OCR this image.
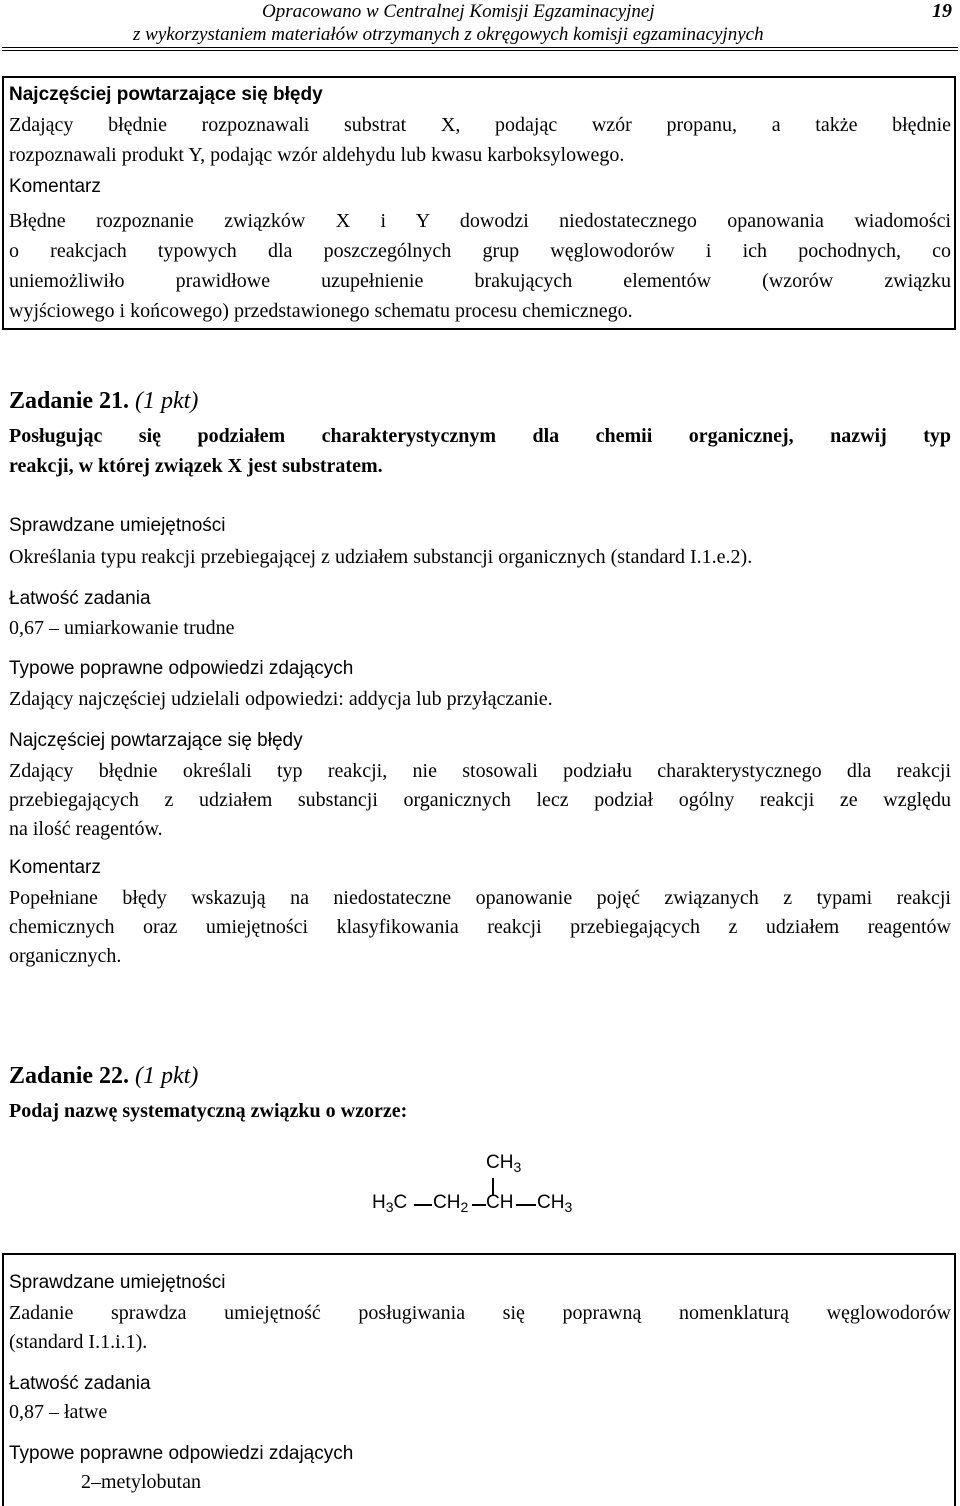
Opracowano w Centralnej Komisji Egzaminacyjnej
z wykorzystaniem materiałów otrzymanych z okręgowych komisji egzaminacyjnych
19
Najczęściej powtarzające się błędy
Zdający błędnie rozpoznawali substrat X, podając wzór propanu, a także błędnie
rozpoznawali produkt Y, podając wzór aldehydu lub kwasu karboksylowego.
Komentarz
Błędne rozpoznanie związków X i Y dowodzi niedostatecznego opanowania wiadomości
o reakcjach typowych dla poszczególnych grup węglowodorów i ich pochodnych, co
uniemożliwiło prawidłowe uzupełnienie brakujących elementów (wzorów związku
wyjściowego i końcowego) przedstawionego schematu procesu chemicznego.
Zadanie 21. (1 pkt)
Posługując się podziałem charakterystycznym dla chemii organicznej, nazwij typ
reakcji, w której związek X jest substratem.
Sprawdzane umiejętności
Określania typu reakcji przebiegającej z udziałem substancji organicznych (standard I.1.e.2).
Łatwość zadania
0,67 – umiarkowanie trudne
Typowe poprawne odpowiedzi zdających
Zdający najczęściej udzielali odpowiedzi: addycja lub przyłączanie.
Najczęściej powtarzające się błędy
Zdający błędnie określali typ reakcji, nie stosowali podziału charakterystycznego dla reakcji
przebiegających z udziałem substancji organicznych lecz podział ogólny reakcji ze względu
na ilość reagentów.
Komentarz
Popełniane błędy wskazują na niedostateczne opanowanie pojęć związanych z typami reakcji
chemicznych oraz umiejętności klasyfikowania reakcji przebiegających z udziałem reagentów
organicznych.
Zadanie 22. (1 pkt)
Podaj nazwę systematyczną związku o wzorze:
$CH_3$
$H_3C$ $CH_2$ CH $CH_3$
Sprawdzane umiejętności
Zadanie sprawdza umiejętność posługiwania się poprawną nomenklaturą węglowodorów
(standard I.1.i.1).
Łatwość zadania
0,87 – łatwe
Typowe poprawne odpowiedzi zdających
2–metylobutan
